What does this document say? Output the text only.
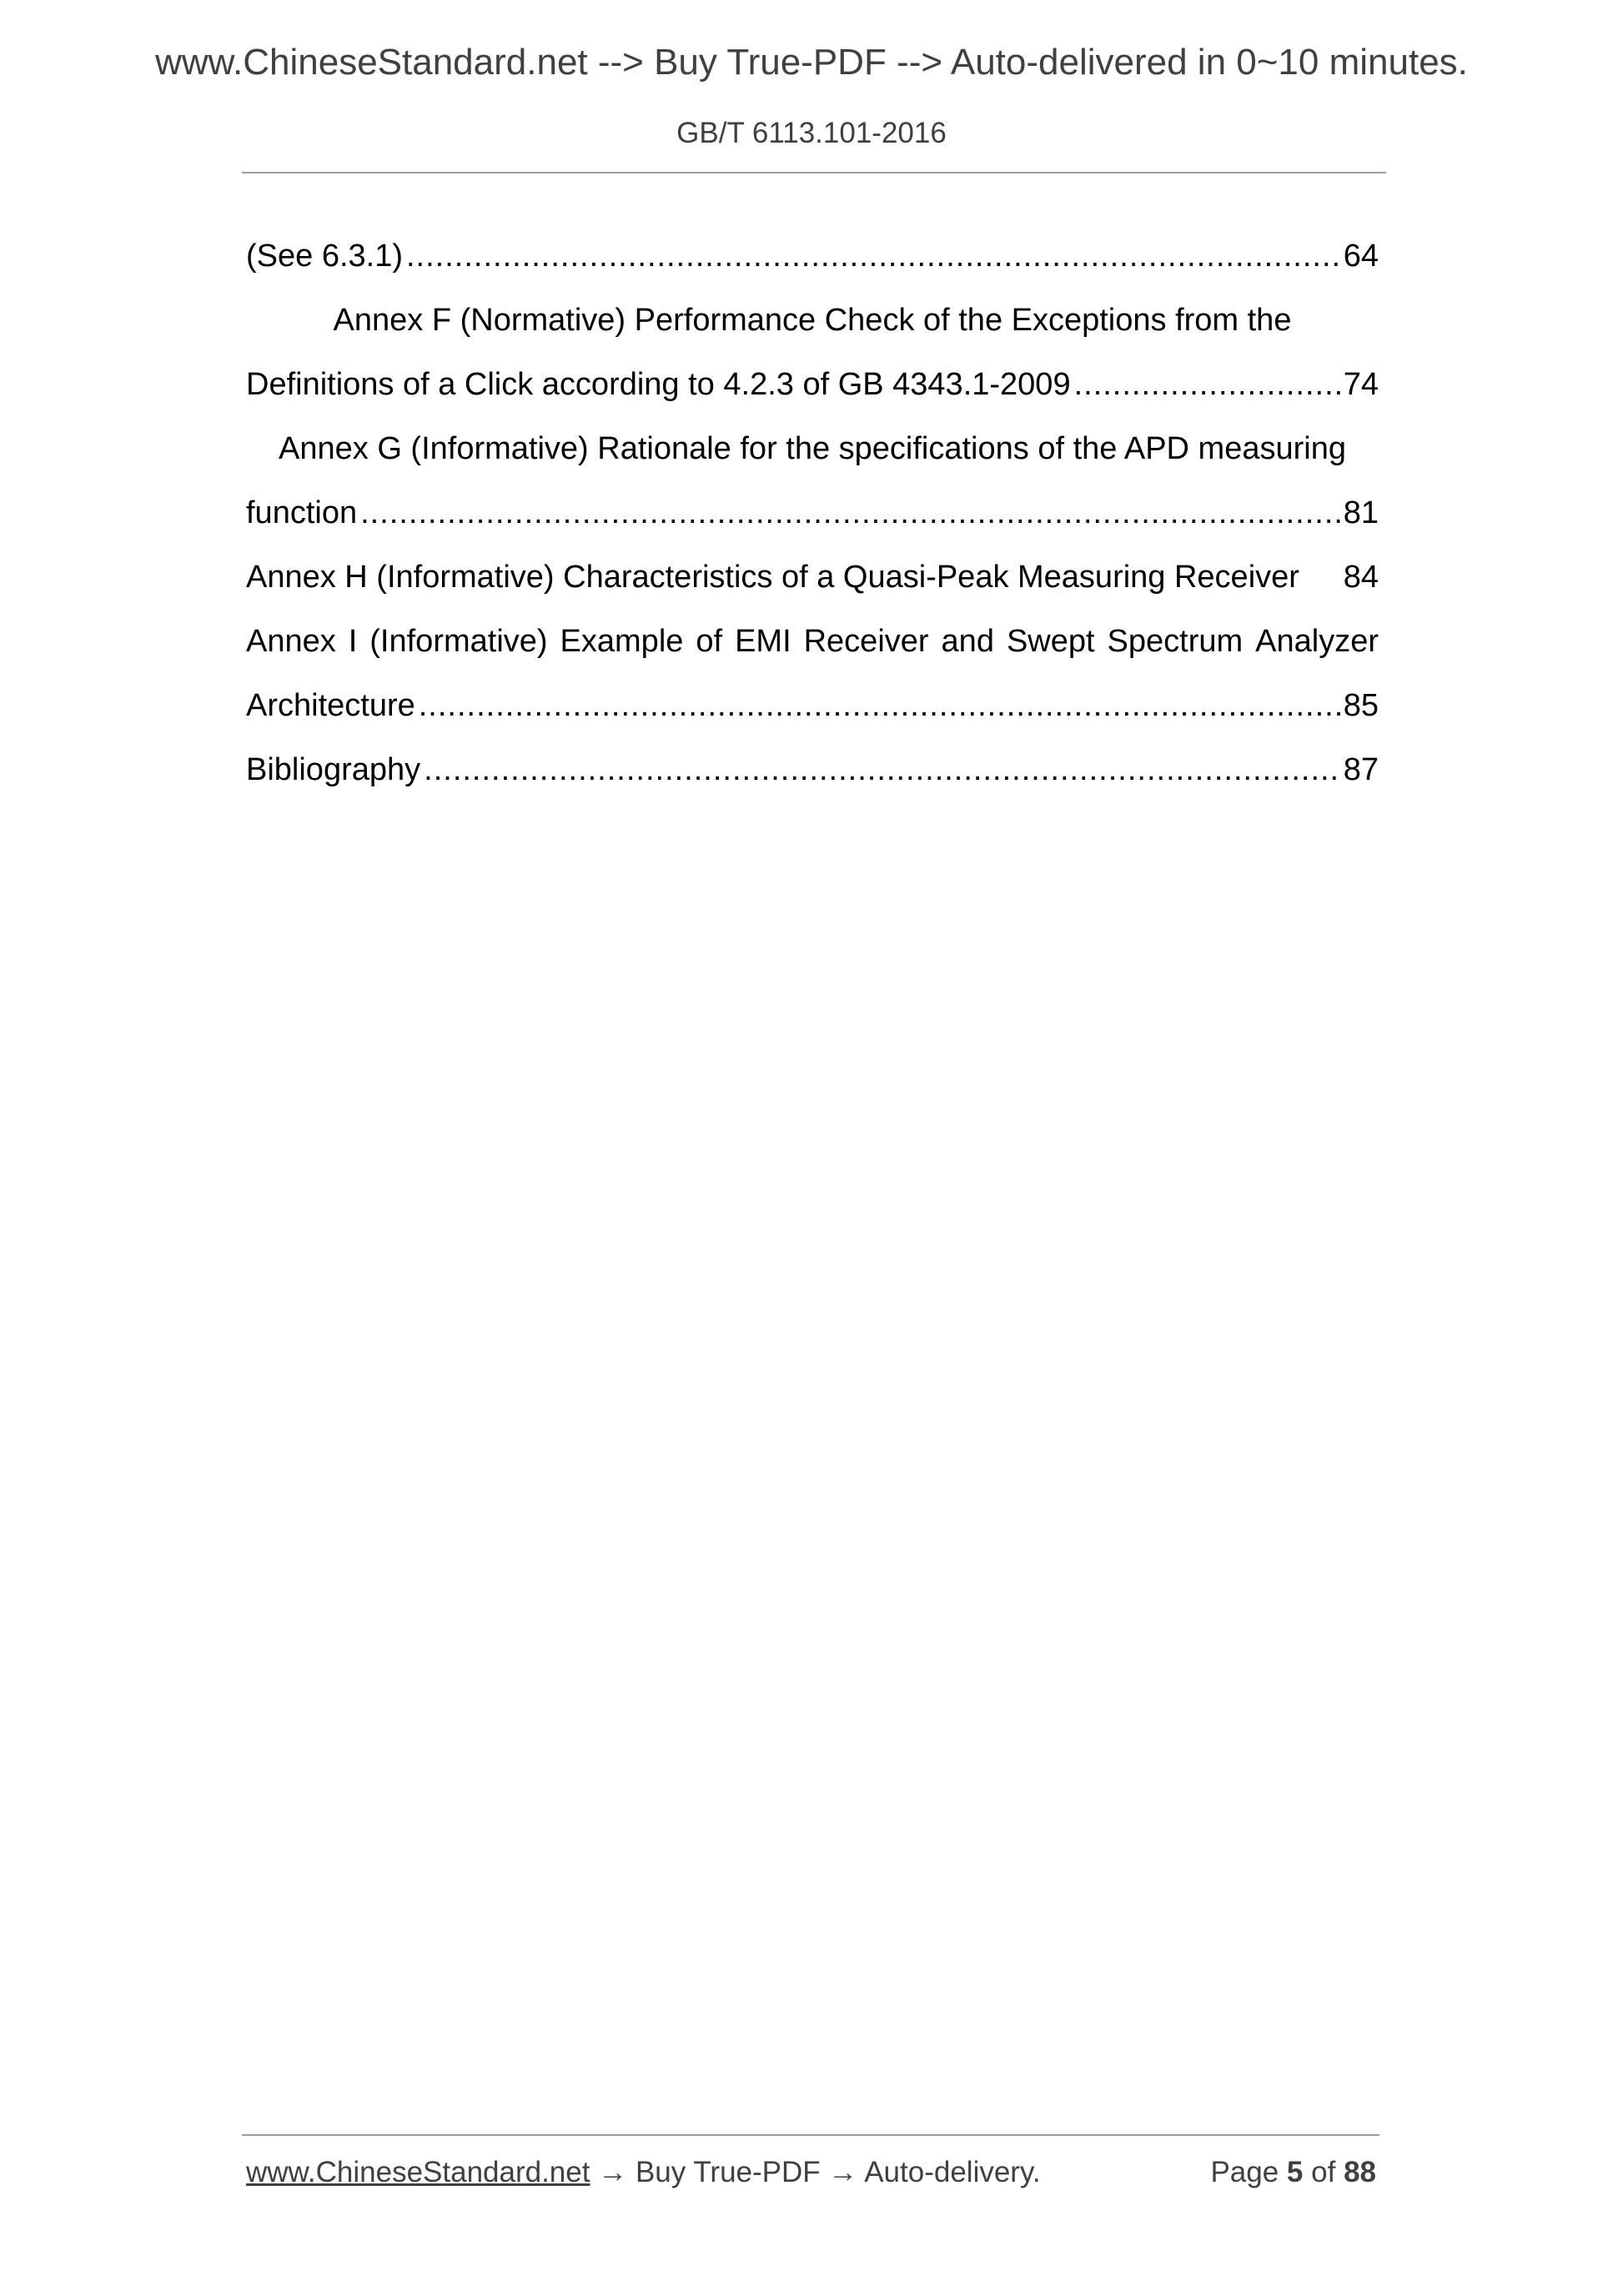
www.ChineseStandard.net --> Buy True-PDF --> Auto-delivered in 0~10 minutes.
GB/T 6113.101-2016
(See 6.3.1) .....	64
Annex F (Normative) Performance Check of the Exceptions from the
Definitions of a Click according to 4.2.3 of GB 4343.1-2009 .....	74
Annex G (Informative) Rationale for the specifications of the APD measuring
function .....	81
Annex H (Informative) Characteristics of a Quasi-Peak Measuring Receiver 84
Annex I (Informative) Example of EMI Receiver and Swept Spectrum Analyzer
Architecture .....	85
Bibliography .....	87
www.ChineseStandard.net → Buy True-PDF → Auto-delivery.	Page 5 of 88
